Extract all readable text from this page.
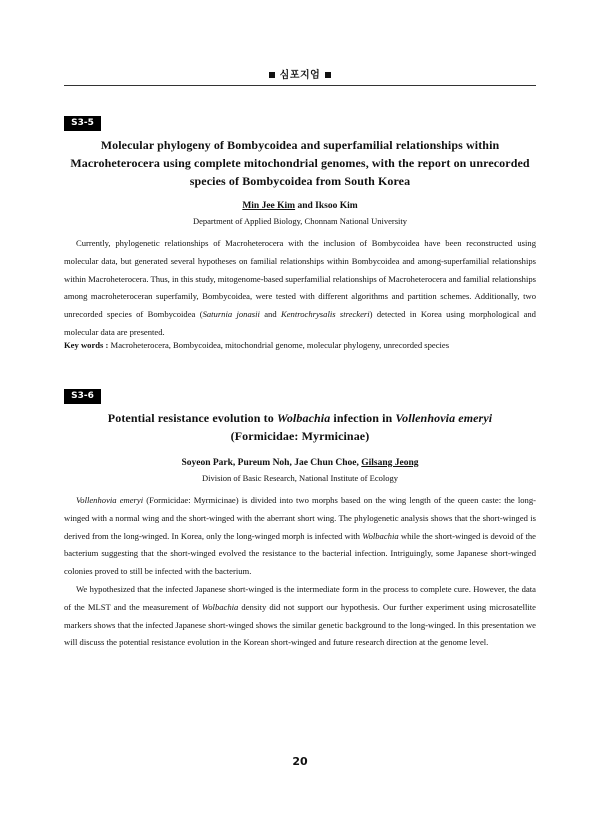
심포지엄
S3-5
Molecular phylogeny of Bombycoidea and superfamilial relationships within
Macroheterocera using complete mitochondrial genomes, with the report on unrecorded
species of Bombycoidea from South Korea
Min Jee Kim and Iksoo Kim
Department of Applied Biology, Chonnam National University

Currently, phylogenetic relationships of Macroheterocera with the inclusion of Bombycoidea have been reconstructed using molecular data, but generated several hypotheses on familial relationships within Bombycoidea and among-superfamilial relationships within Macroheterocera. Thus, in this study, mitogenome-based superfamilial relationships of Macroheterocera and familial relationships among macroheteroceran superfamily, Bombycoidea, were tested with different algorithms and partition schemes. Additionally, two unrecorded species of Bombycoidea (Saturnia jonasii and Kentrochrysalis streckeri) detected in Korea using morphological and molecular data are presented.

Key words : Macroheterocera, Bombycoidea, mitochondrial genome, molecular phylogeny, unrecorded species
S3-6
Potential resistance evolution to Wolbachia infection in Vollenhovia emeryi
(Formicidae: Myrmicinae)
Soyeon Park, Pureum Noh, Jae Chun Choe, Gilsang Jeong
Division of Basic Research, National Institute of Ecology

Vollenhovia emeryi (Formicidae: Myrmicinae) is divided into two morphs based on the wing length of the queen caste: the long-winged with a normal wing and the short-winged with the aberrant short wing. The phylogenetic analysis shows that the short-winged is derived from the long-winged. In Korea, only the long-winged morph is infected with Wolbachia while the short-winged is devoid of the bacterium suggesting that the short-winged evolved the resistance to the bacterial infection. Intriguingly, some Japanese short-winged colonies proved to still be infected with the bacterium.

We hypothesized that the infected Japanese short-winged is the intermediate form in the process to complete cure. However, the data of the MLST and the measurement of Wolbachia density did not support our hypothesis. Our further experiment using microsatellite markers shows that the infected Japanese short-winged shows the similar genetic background to the long-winged. In this presentation we will discuss the potential resistance evolution in the Korean short-winged and future research direction at the genome level.

20
